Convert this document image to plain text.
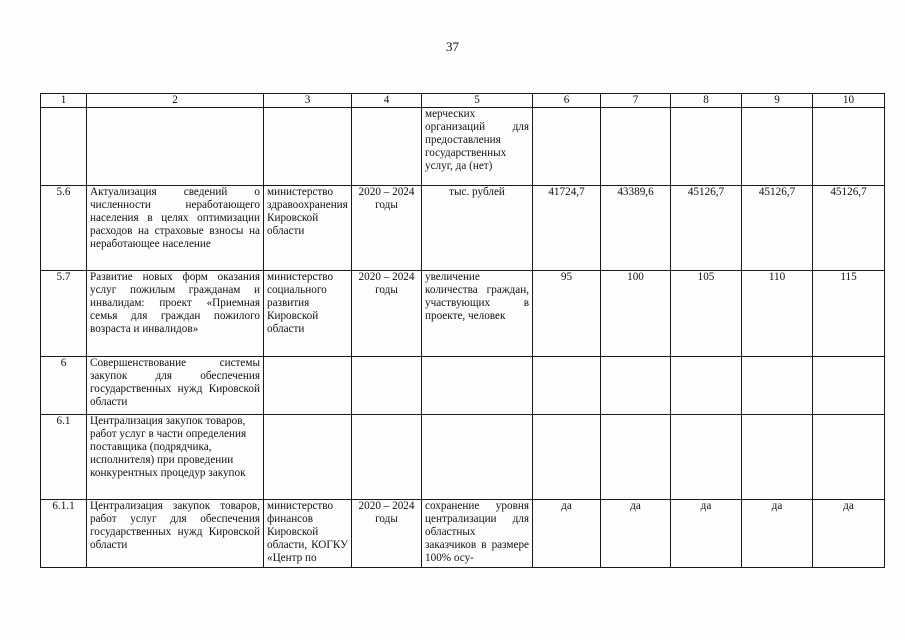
37
1	2	3	4	5	6	7	8	9	10
				мерческих организаций для предоставления государственных услуг, да (нет)					
5.6	Актуализация сведений о численности неработающего населения в целях оптимизации расходов на страховые взносы на неработающее население	министерство здравоохранения Кировской области	2020 – 2024 годы	тыс. рублей	41724,7	43389,6	45126,7	45126,7	45126,7
5.7	Развитие новых форм оказания услуг пожилым гражданам и инвалидам: проект «Приемная семья для граждан пожилого возраста и инвалидов»	министерство социального развития Кировской области	2020 – 2024 годы	увеличение количества граждан, участвующих в проекте, человек	95	100	105	110	115
6	Совершенствование системы закупок для обеспечения государственных нужд Кировской области								
6.1	Централизация закупок товаров, работ услуг в части определения поставщика (подрядчика, исполнителя) при проведении конкурентных процедур закупок								
6.1.1	Централизация закупок товаров, работ услуг для обеспечения государственных нужд Кировской области	министерство финансов Кировской области, КОГКУ «Центр по	2020 – 2024 годы	сохранение уровня централизации для областных заказчиков в размере 100% осу-	да	да	да	да	да
